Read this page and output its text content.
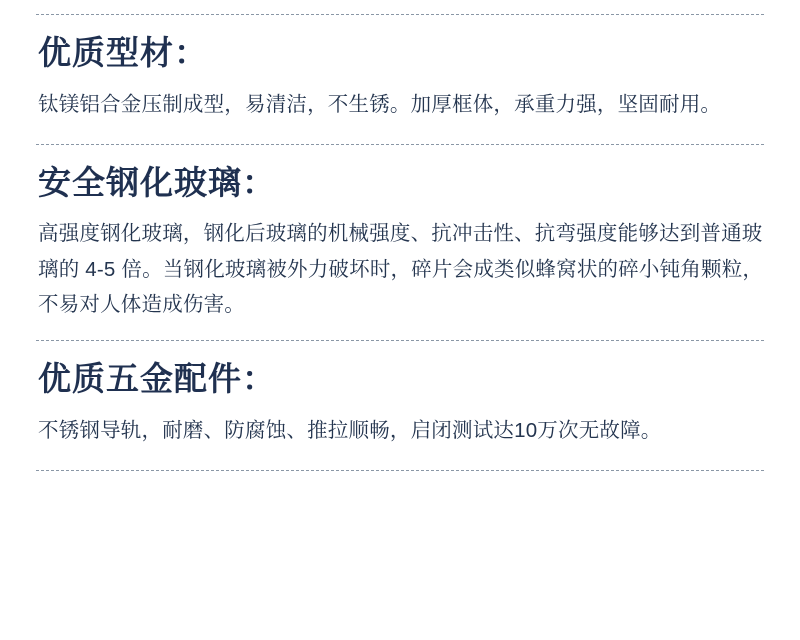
优质型材：

钛镁铝合金压制成型，易清洁，不生锈。加厚框体，承重力强，坚固耐用。

安全钢化玻璃：

高强度钢化玻璃，钢化后玻璃的机械强度、抗冲击性、抗弯强度能够达到普通玻璃的 4-5 倍。当钢化玻璃被外力破坏时，碎片会成类似蜂窝状的碎小钝角颗粒，不易对人体造成伤害。

优质五金配件：

不锈钢导轨，耐磨、防腐蚀、推拉顺畅，启闭测试达10万次无故障。
